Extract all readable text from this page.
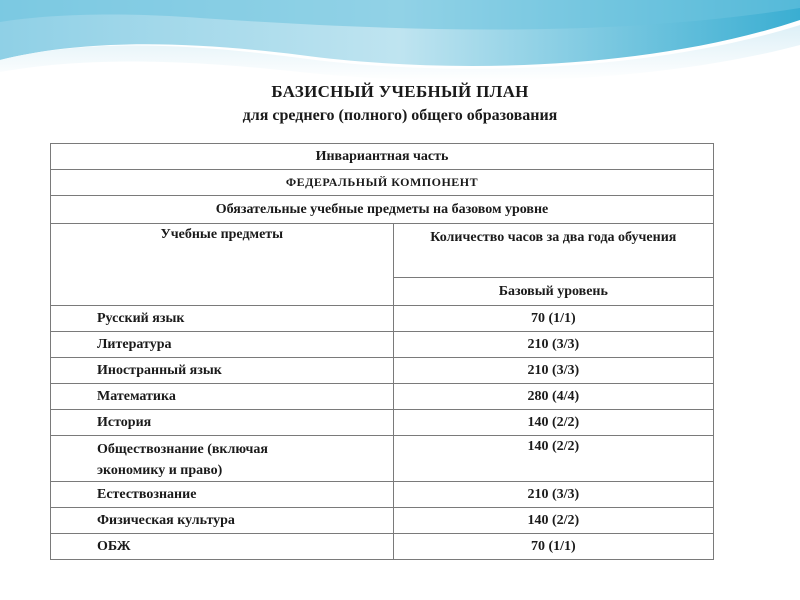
БАЗИСНЫЙ УЧЕБНЫЙ ПЛАН
для среднего (полного) общего образования
Инвариантная часть	
ФЕДЕРАЛЬНЫЙ КОМПОНЕНТ	
Обязательные учебные предметы на базовом уровне	
Учебные предметы	Количество часов за два года обучения
	Базовый уровень
Русский язык	70 (1/1)
Литература	210 (3/3)
Иностранный язык	210 (3/3)
Математика	280 (4/4)
История	140 (2/2)
Обществознание (включая экономику и право)	140 (2/2)
Естествознание	210 (3/3)
Физическая культура	140 (2/2)
ОБЖ	70 (1/1)
